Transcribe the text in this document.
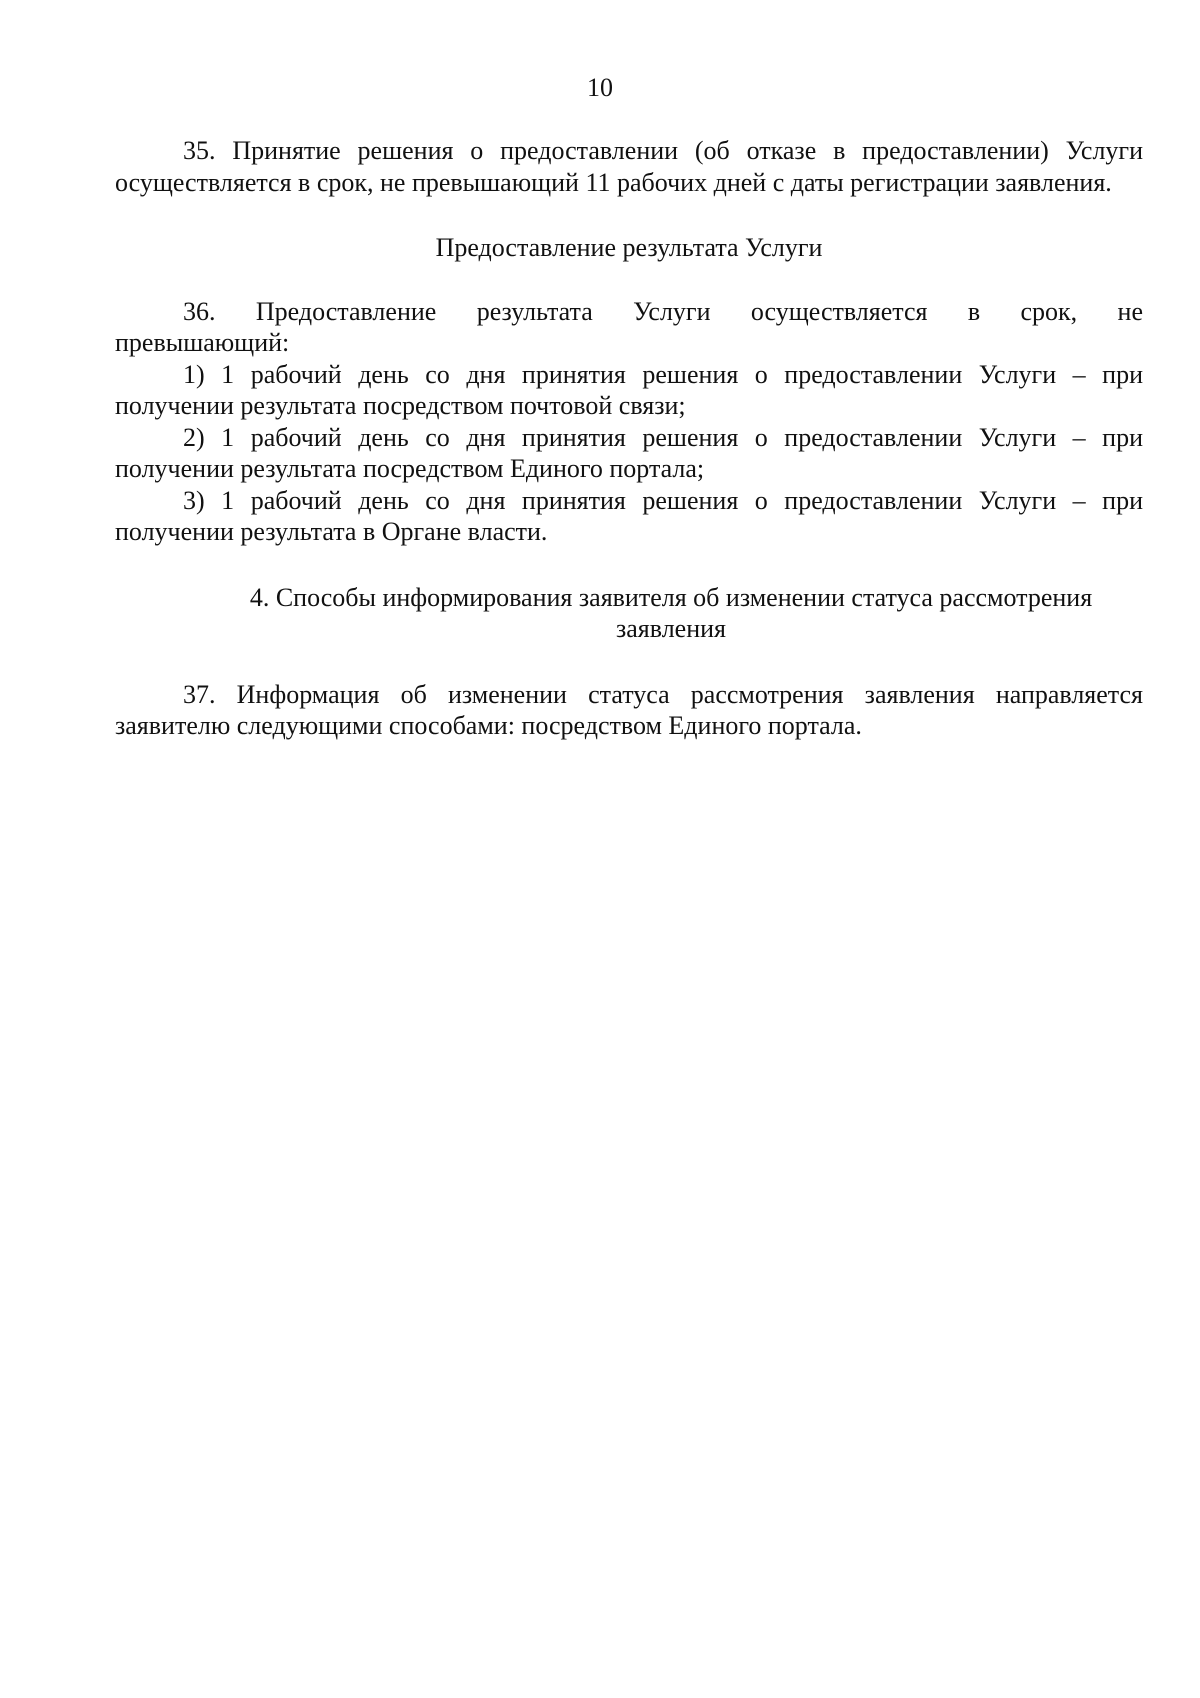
10

35. Принятие решения о предоставлении (об отказе в предоставлении) Услуги осуществляется в срок, не превышающий 11 рабочих дней с даты регистрации заявления.

Предоставление результата Услуги

36. Предоставление результата Услуги осуществляется в срок, не

превышающий:

1) 1 рабочий день со дня принятия решения о предоставлении Услуги – при получении результата посредством почтовой связи;

2) 1 рабочий день со дня принятия решения о предоставлении Услуги – при получении результата посредством Единого портала;

3) 1 рабочий день со дня принятия решения о предоставлении Услуги – при получении результата в Органе власти.

4. Способы информирования заявителя об изменении статуса рассмотрения

заявления

37. Информация об изменении статуса рассмотрения заявления направляется заявителю следующими способами: посредством Единого портала.
